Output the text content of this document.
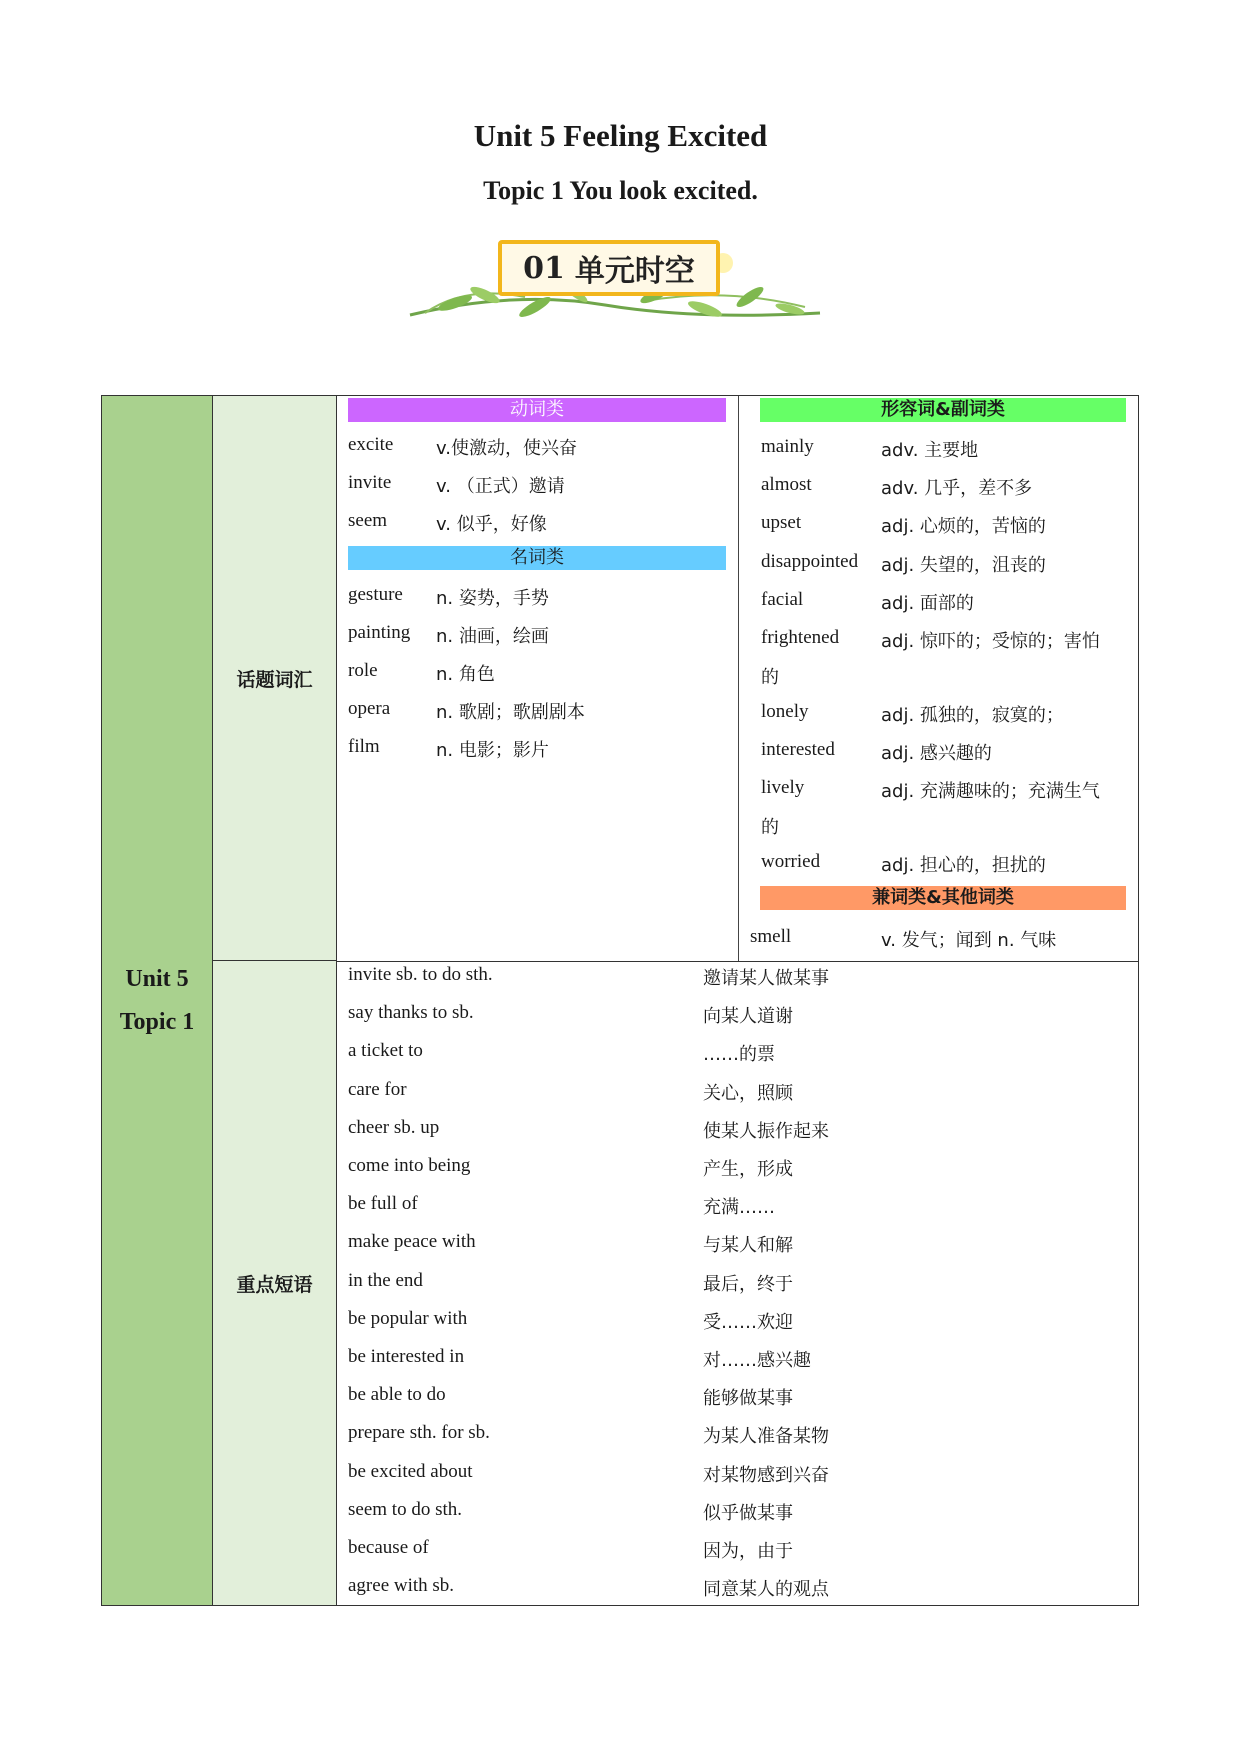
Unit 5 Feeling Excited
Topic 1 You look excited.
01 单元时空
Unit 5
Topic 1
话题词汇
重点短语
动词类
excite v.使激动，使兴奋
invite v. （正式）邀请
seem	v. 似乎，好像
名词类
gesture n. 姿势，手势
painting n. 油画，绘画
role	n. 角色
opera	n. 歌剧；歌剧剧本
film	n. 电影；影片
形容词&副词类
mainly	adv. 主要地
almost	adv. 几乎，差不多
upset	adj. 心烦的，苦恼的
disappointed adj. 失望的，沮丧的
facial	adj. 面部的
frightened adj. 惊吓的；受惊的；害怕
的
lonely	adj. 孤独的，寂寞的；
interested	adj. 感兴趣的
lively	adj. 充满趣味的；充满生气
的
worried	adj. 担心的，担扰的
兼词类&其他词类
smell	v. 发气；闻到 n. 气味
invite sb. to do sth.	邀请某人做某事
say thanks to sb.	向某人道谢
a ticket to	……的票
care for	关心，照顾
cheer sb. up	使某人振作起来
come into being	产生，形成
be full of	充满……
make peace with	与某人和解
in the end	最后，终于
be popular with	受……欢迎
be interested in	对……感兴趣
be able to do	能够做某事
prepare sth. for sb.	为某人准备某物
be excited about	对某物感到兴奋
seem to do sth.	似乎做某事
because of	因为，由于
agree with sb.	同意某人的观点
